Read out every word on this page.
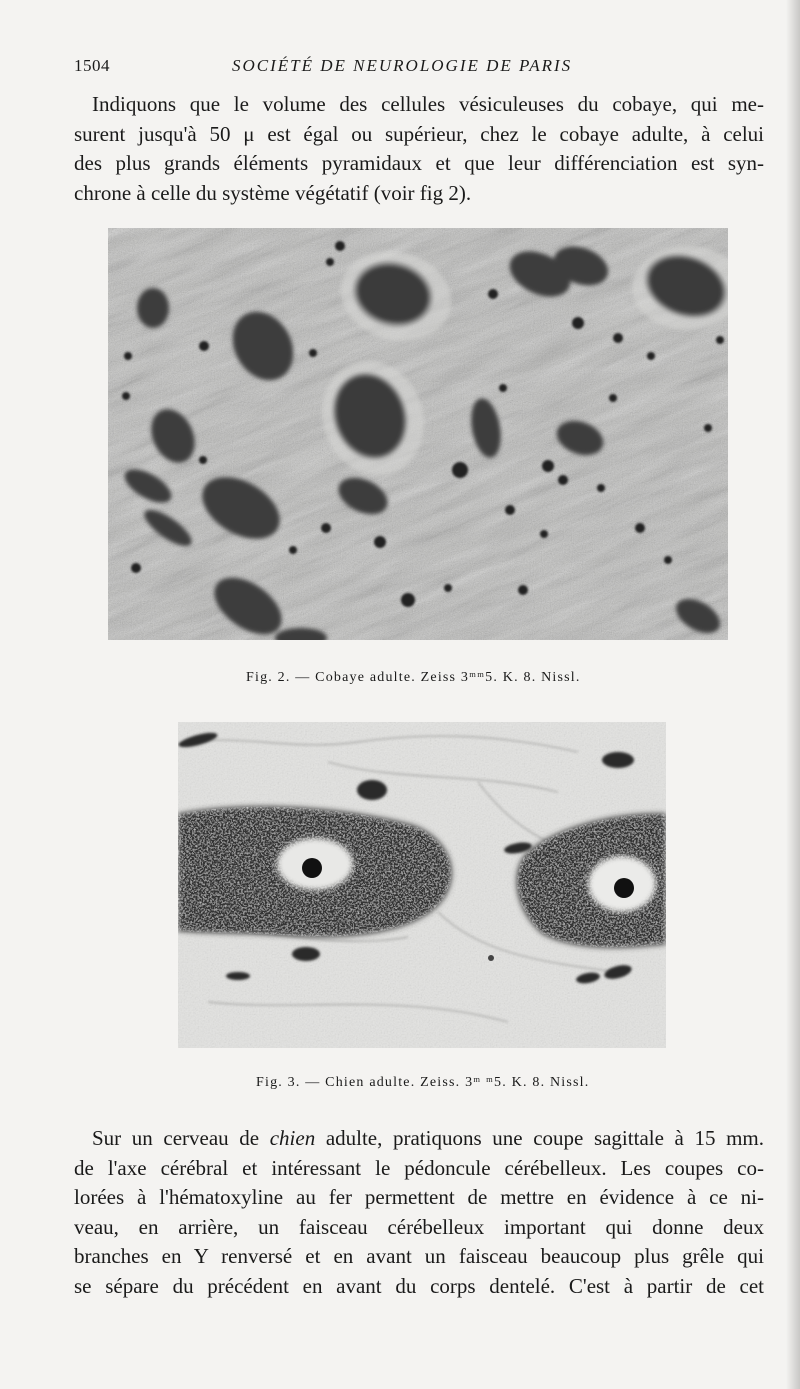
1504	SOCIÉTÉ DE NEUROLOGIE DE PARIS

Indiquons que le volume des cellules vésiculeuses du cobaye, qui me-
surent jusqu'à 50 μ est égal ou supérieur, chez le cobaye adulte, à celui
des plus grands éléments pyramidaux et que leur différenciation est syn-
chrone à celle du système végétatif (voir fig 2).

Fig. 2. — Cobaye adulte. Zeiss 3ᵐᵐ5. K. 8. Nissl.
Fig. 3. — Chien adulte. Zeiss. 3ᵐ ᵐ5. K. 8. Nissl.

Sur un cerveau de chien adulte, pratiquons une coupe sagittale à 15 mm.
de l'axe cérébral et intéressant le pédoncule cérébelleux. Les coupes co-
lorées à l'hématoxyline au fer permettent de mettre en évidence à ce ni-
veau, en arrière, un faisceau cérébelleux important qui donne deux
branches en Y renversé et en avant un faisceau beaucoup plus grêle qui
se sépare du précédent en avant du corps dentelé. C'est à partir de cet
